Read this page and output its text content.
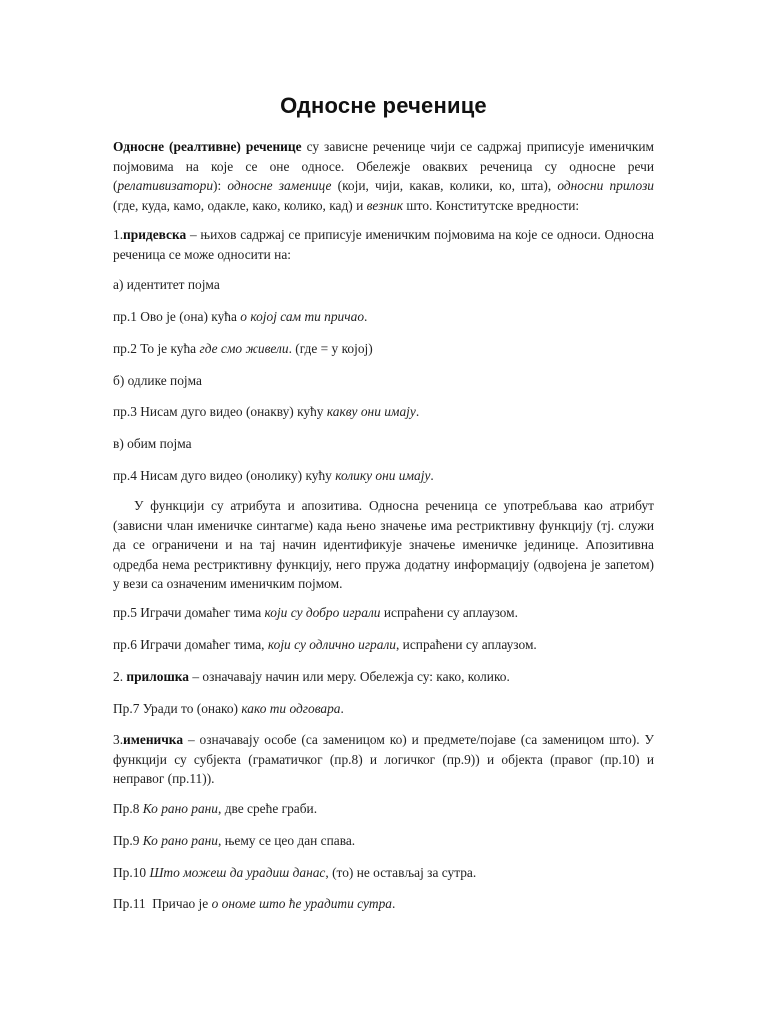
Односне реченице

Односне (реалтивне) реченице су зависне реченице чији се садржај приписује именичким појмовима на које се оне односе. Обележје оваквих реченица су односне речи (релативизатори): односне заменице (који, чији, какав, колики, ко, шта), односни прилози (где, куда, камо, одакле, како, колико, кад) и везник што. Конститутске вредности:

1.придевска – њихов садржај се приписује именичким појмовима на које се односи. Односна реченица се може односити на:

а) идентитет појма

пр.1 Ово је (она) кућа о којој сам ти причао.

пр.2 То је кућа где смо живели. (где = у којој)

б) одлике појма

пр.3 Нисам дуго видео (онакву) кућу какву они имају.

в) обим појма

пр.4 Нисам дуго видео (онолику) кућу колику они имају.

У функцији су атрибута и апозитива. Односна реченица се употребљава као атрибут (зависни члан именичке синтагме) када њено значење има рестриктивну функцију (тј. служи да се ограничени и на тај начин идентификује значење именичке јединице. Апозитивна одредба нема рестриктивну функцију, него пружа додатну информацију (одвојена је запетом) у вези са означеним именичким појмом.

пр.5 Играчи домаћег тима који су добро играли испраћени су аплаузом.

пр.6 Играчи домаћег тима, који су одлично играли, испраћени су аплаузом.

2. прилошка – означавају начин или меру. Обележја су: како, колико.

Пр.7 Уради то (онако) како ти одговара.

3.именичка – означавају особе (са заменицом ко) и предмете/појаве (са заменицом што). У функцији су субјекта (граматичког (пр.8) и логичког (пр.9)) и објекта (правог (пр.10) и неправог (пр.11)).

Пр.8 Ко рано рани, две среће граби.

Пр.9 Ко рано рани, њему се цео дан спава.

Пр.10 Што можеш да урадиш данас, (то) не остављај за сутра.

Пр.11  Причао је о ономе што ће урадити сутра.
